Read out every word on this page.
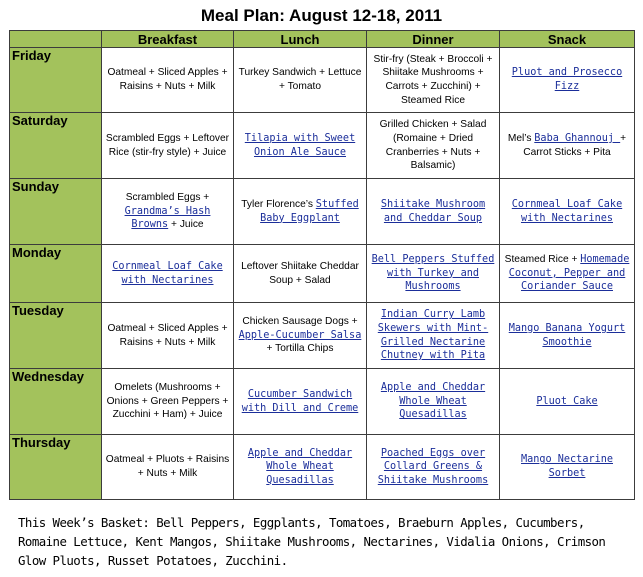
Meal Plan: August 12-18, 2011
	Breakfast	Lunch	Dinner	Snack
Friday	Oatmeal + Sliced Apples + Raisins + Nuts + Milk	Turkey Sandwich + Lettuce + Tomato	Stir-fry (Steak + Broccoli + Shiitake Mushrooms + Carrots + Zucchini) + Steamed Rice	Pluot and Prosecco Fizz
Saturday	Scrambled Eggs + Leftover Rice (stir-fry style) + Juice	Tilapia with Sweet Onion Ale Sauce	Grilled Chicken + Salad (Romaine + Dried Cranberries + Nuts + Balsamic)	Mel’s Baba Ghannouj + Carrot Sticks + Pita
Sunday	Scrambled Eggs + Grandma’s Hash Browns + Juice	Tyler Florence’s Stuffed Baby Eggplant	Shiitake Mushroom and Cheddar Soup	Cornmeal Loaf Cake with Nectarines
Monday	Cornmeal Loaf Cake with Nectarines	Leftover Shiitake Cheddar Soup + Salad	Bell Peppers Stuffed with Turkey and Mushrooms	Steamed Rice + Homemade Coconut, Pepper and Coriander Sauce
Tuesday	Oatmeal + Sliced Apples + Raisins + Nuts + Milk	Chicken Sausage Dogs + Apple-Cucumber Salsa + Tortilla Chips	Indian Curry Lamb Skewers with Mint-Grilled Nectarine Chutney with Pita	Mango Banana Yogurt Smoothie
Wednesday	Omelets (Mushrooms + Onions + Green Peppers + Zucchini + Ham) + Juice	Cucumber Sandwich with Dill and Creme	Apple and Cheddar Whole Wheat Quesadillas	Pluot Cake
Thursday	Oatmeal + Pluots + Raisins + Nuts + Milk	Apple and Cheddar Whole Wheat Quesadillas	Poached Eggs over Collard Greens & Shiitake Mushrooms	Mango Nectarine Sorbet
This Week’s Basket: Bell Peppers, Eggplants, Tomatoes, Braeburn Apples, Cucumbers, Romaine Lettuce, Kent Mangos, Shiitake Mushrooms, Nectarines, Vidalia Onions, Crimson Glow Pluots, Russet Potatoes, Zucchini.
